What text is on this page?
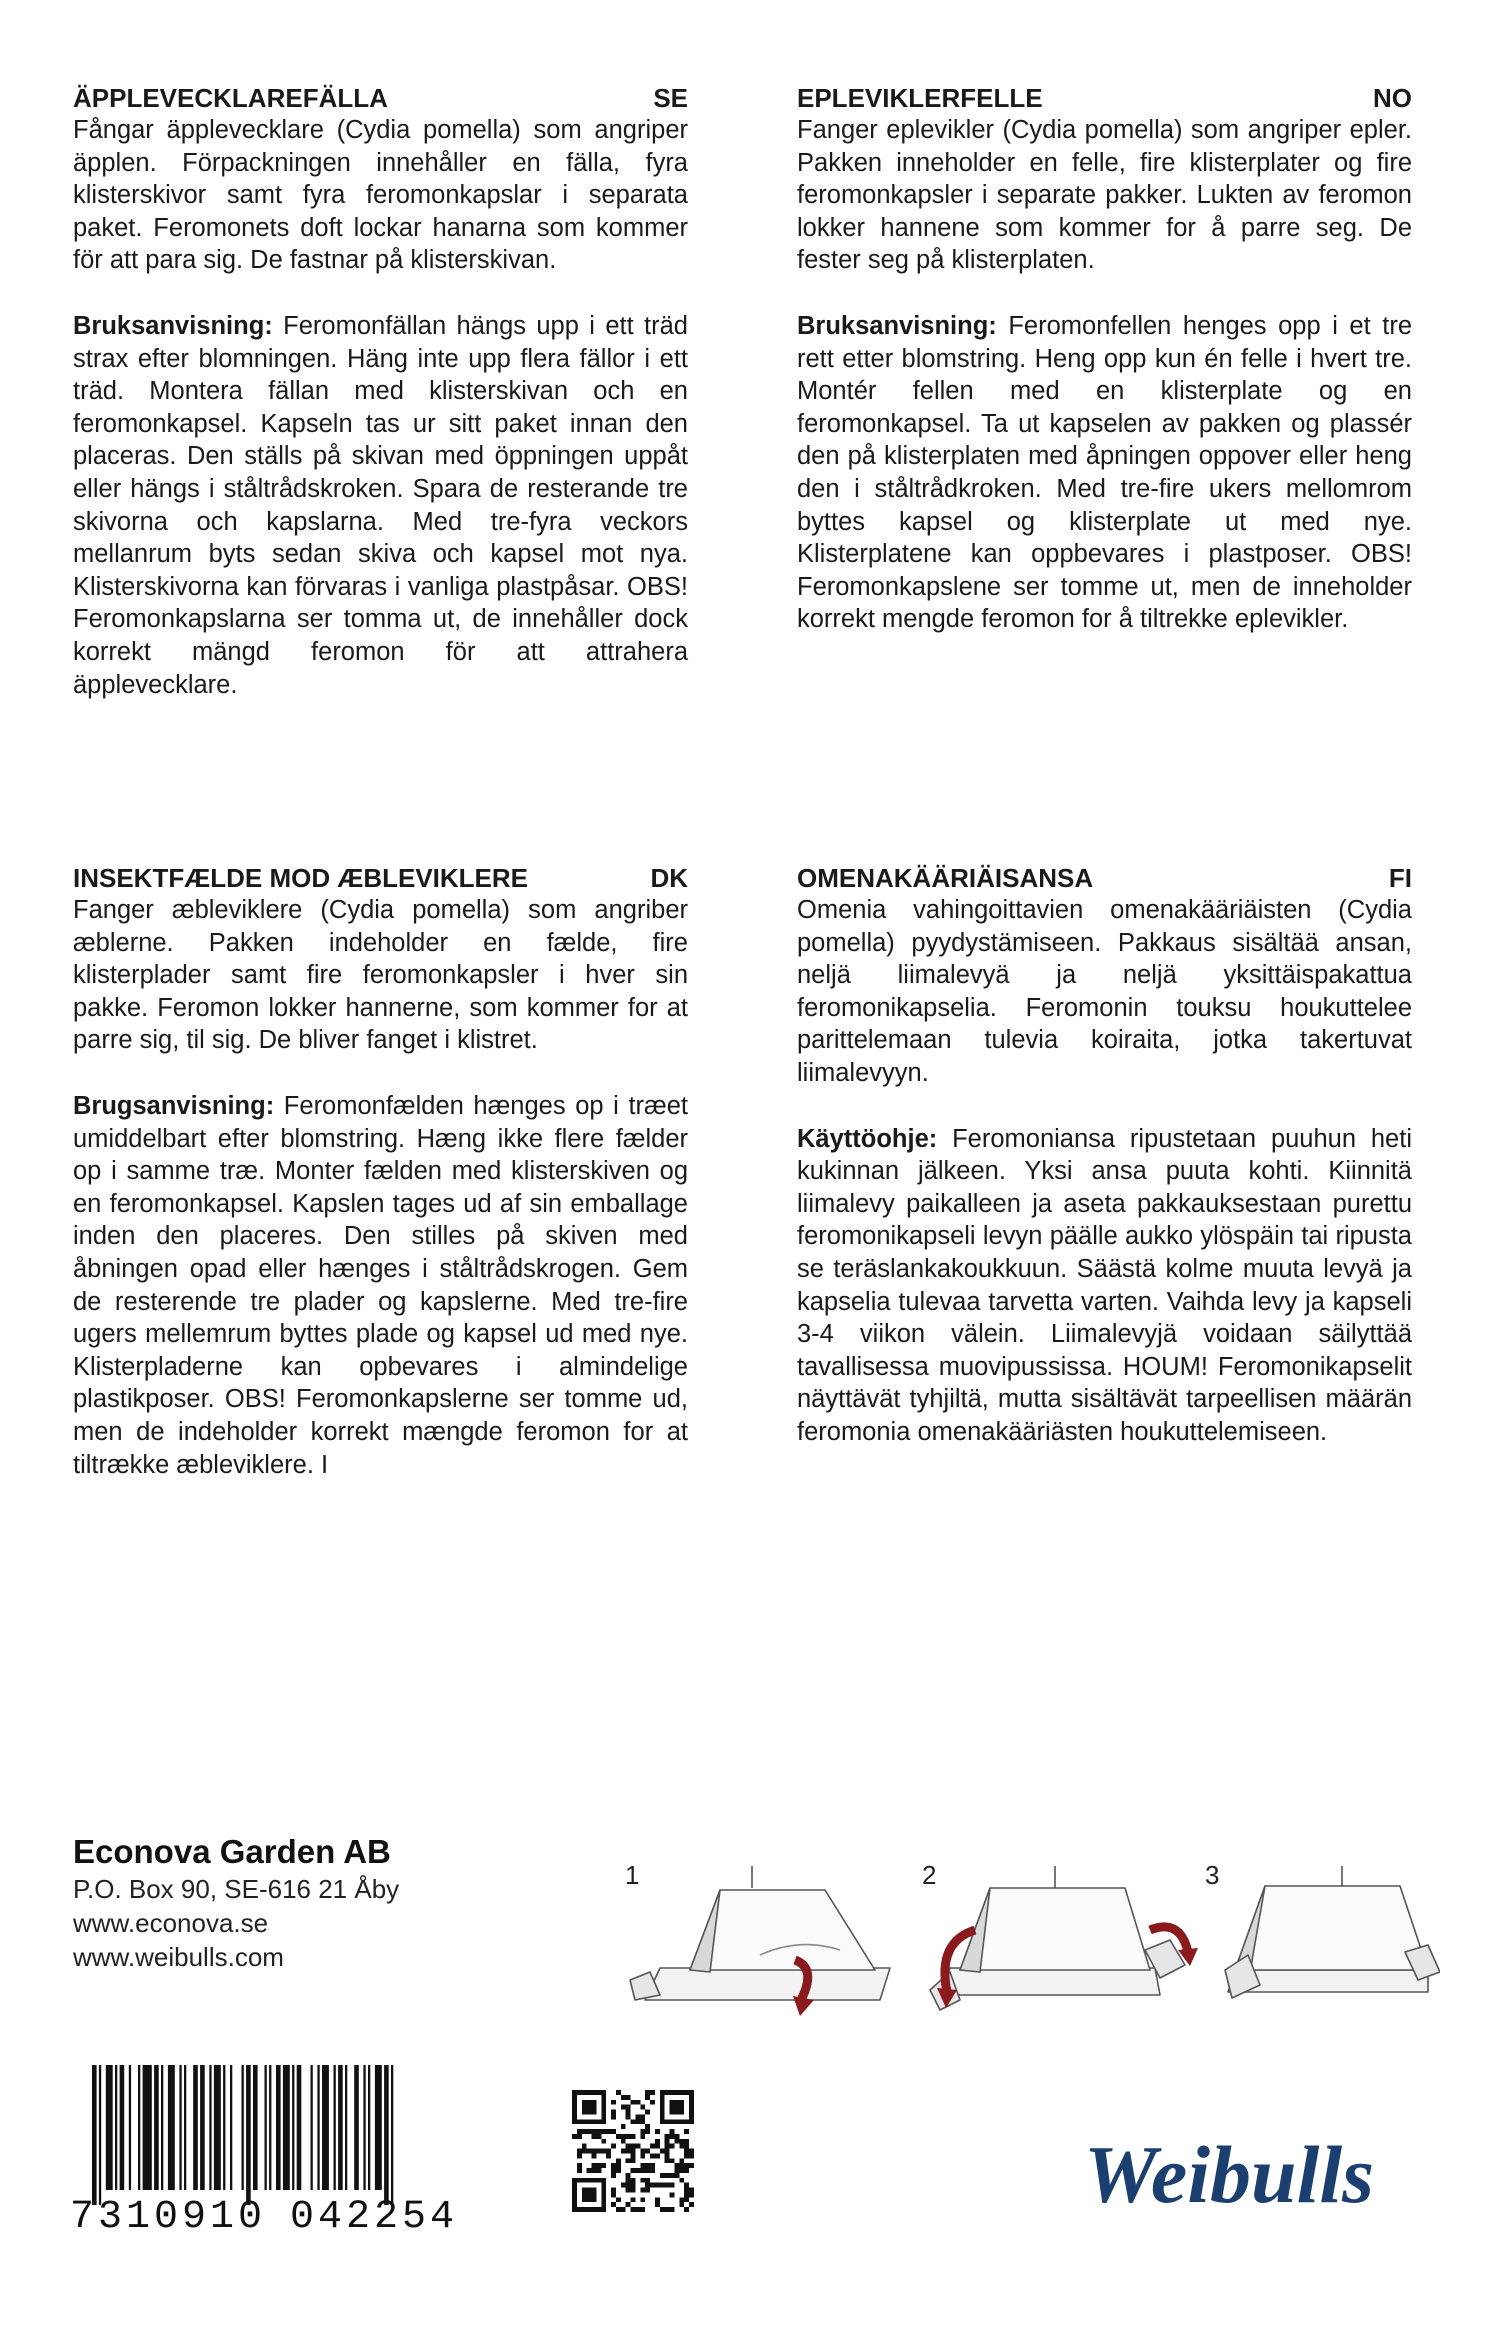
ÄPPLEVECKLAREFÄLLA	SE

Fångar äpplevecklare (Cydia pomella) som angriper äpplen. Förpackningen innehåller en fälla, fyra klisterskivor samt fyra feromonkapslar i separata paket. Feromonets doft lockar hanarna som kommer för att para sig. De fastnar på klisterskivan.

Bruksanvisning: Feromonfällan hängs upp i ett träd strax efter blomningen. Häng inte upp flera fällor i ett träd. Montera fällan med klisterskivan och en feromonkapsel. Kapseln tas ur sitt paket innan den placeras. Den ställs på skivan med öppningen uppåt eller hängs i ståltrådskroken. Spara de resterande tre skivorna och kapslarna. Med tre-fyra veckors mellanrum byts sedan skiva och kapsel mot nya. Klisterskivorna kan förvaras i vanliga plastpåsar. OBS! Feromonkapslarna ser tomma ut, de innehåller dock korrekt mängd feromon för att attrahera äpplevecklare.

EPLEVIKLERFELLE	NO

Fanger eplevikler (Cydia pomella) som angriper epler. Pakken inneholder en felle, fire klisterplater og fire feromonkapsler i separate pakker. Lukten av feromon lokker hannene som kommer for å parre seg. De fester seg på klisterplaten.

Bruksanvisning: Feromonfellen henges opp i et tre rett etter blomstring. Heng opp kun én felle i hvert tre. Montér fellen med en klisterplate og en feromonkapsel. Ta ut kapselen av pakken og plassér den på klisterplaten med åpningen oppover eller heng den i ståltrådkroken. Med tre-fire ukers mellomrom byttes kapsel og klisterplate ut med nye. Klisterplatene kan oppbevares i plastposer. OBS! Feromonkapslene ser tomme ut, men de inneholder korrekt mengde feromon for å tiltrekke eplevikler.

INSEKTFÆLDE MOD ÆBLEVIKLERE	DK

Fanger æbleviklere (Cydia pomella) som angriber æblerne. Pakken indeholder en fælde, fire klisterplader samt fire feromonkapsler i hver sin pakke. Feromon lokker hannerne, som kommer for at parre sig, til sig. De bliver fanget i klistret.

Brugsanvisning: Feromonfælden hænges op i træet umiddelbart efter blomstring. Hæng ikke flere fælder op i samme træ. Monter fælden med klisterskiven og en feromonkapsel. Kapslen tages ud af sin emballage inden den placeres. Den stilles på skiven med åbningen opad eller hænges i ståltrådskrogen. Gem de resterende tre plader og kapslerne. Med tre-fire ugers mellemrum byttes plade og kapsel ud med nye. Klisterpladerne kan opbevares i almindelige plastikposer. OBS! Feromonkapslerne ser tomme ud, men de indeholder korrekt mængde feromon for at tiltrække æbleviklere. I

OMENAKÄÄRIÄISANSA	FI

Omenia vahingoittavien omenakääriäisten (Cydia pomella) pyydystämiseen. Pakkaus sisältää ansan, neljä liimalevyä ja neljä yksittäispakattua feromonikapselia. Feromonin touksu houkuttelee parittelemaan tulevia koiraita, jotka takertuvat liimalevyyn.

Käyttöohje: Feromoniansa ripustetaan puuhun heti kukinnan jälkeen. Yksi ansa puuta kohti. Kiinnitä liimalevy paikalleen ja aseta pakkauksestaan purettu feromonikapseli levyn päälle aukko ylöspäin tai ripusta se teräslankakoukkuun. Säästä kolme muuta levyä ja kapselia tulevaa tarvetta varten. Vaihda levy ja kapseli 3-4 viikon välein. Liimalevyjä voidaan säilyttää tavallisessa muovipussissa. HOUM! Feromonikapselit näyttävät tyhjiltä, mutta sisältävät tarpeellisen määrän feromonia omenakääriästen houkuttelemiseen.

Econova Garden AB
P.O. Box 90, SE-616 21 Åby
www.econova.se
www.weibulls.com
1	2	3
7 310910 042254	Weibulls
